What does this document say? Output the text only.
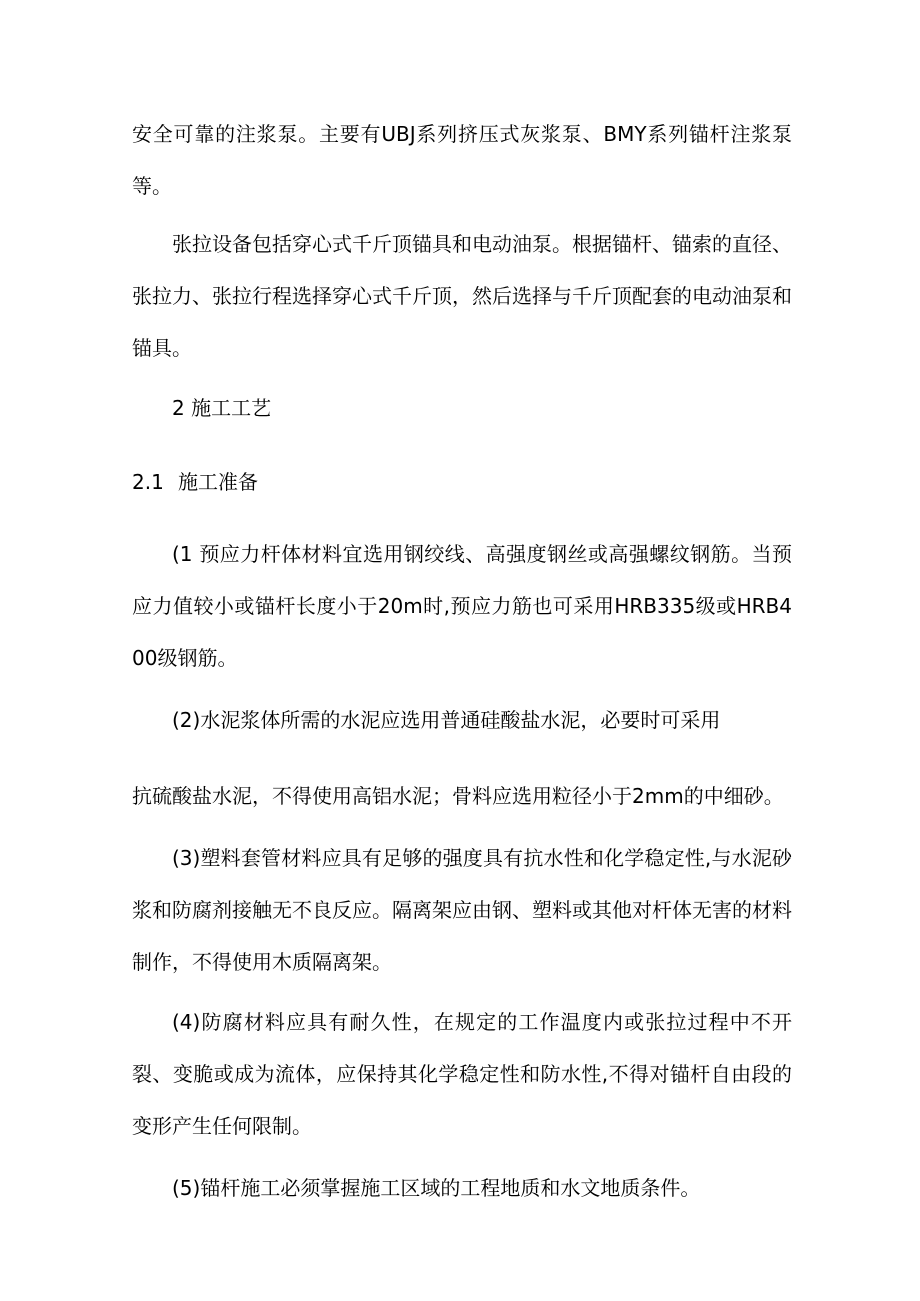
安全可靠的注浆泵。主要有UBJ系列挤压式灰浆泵、BMY系列锚杆注浆泵等。

张拉设备包括穿心式千斤顶锚具和电动油泵。根据锚杆、锚索的直径、张拉力、张拉行程选择穿心式千斤顶，然后选择与千斤顶配套的电动油泵和锚具。

2 施工工艺

2.1 施工准备

(1 预应力杆体材料宜选用钢绞线、高强度钢丝或高强螺纹钢筋。当预应力值较小或锚杆长度小于20m时,预应力筋也可采用HRB335级或HRB400级钢筋。

(2)水泥浆体所需的水泥应选用普通硅酸盐水泥，必要时可采用

抗硫酸盐水泥，不得使用高铝水泥；骨料应选用粒径小于2mm的中细砂。

(3)塑料套管材料应具有足够的强度具有抗水性和化学稳定性,与水泥砂浆和防腐剂接触无不良反应。隔离架应由钢、塑料或其他对杆体无害的材料制作，不得使用木质隔离架。

(4)防腐材料应具有耐久性，在规定的工作温度内或张拉过程中不开裂、变脆或成为流体，应保持其化学稳定性和防水性,不得对锚杆自由段的变形产生任何限制。

(5)锚杆施工必须掌握施工区域的工程地质和水文地质条件。
